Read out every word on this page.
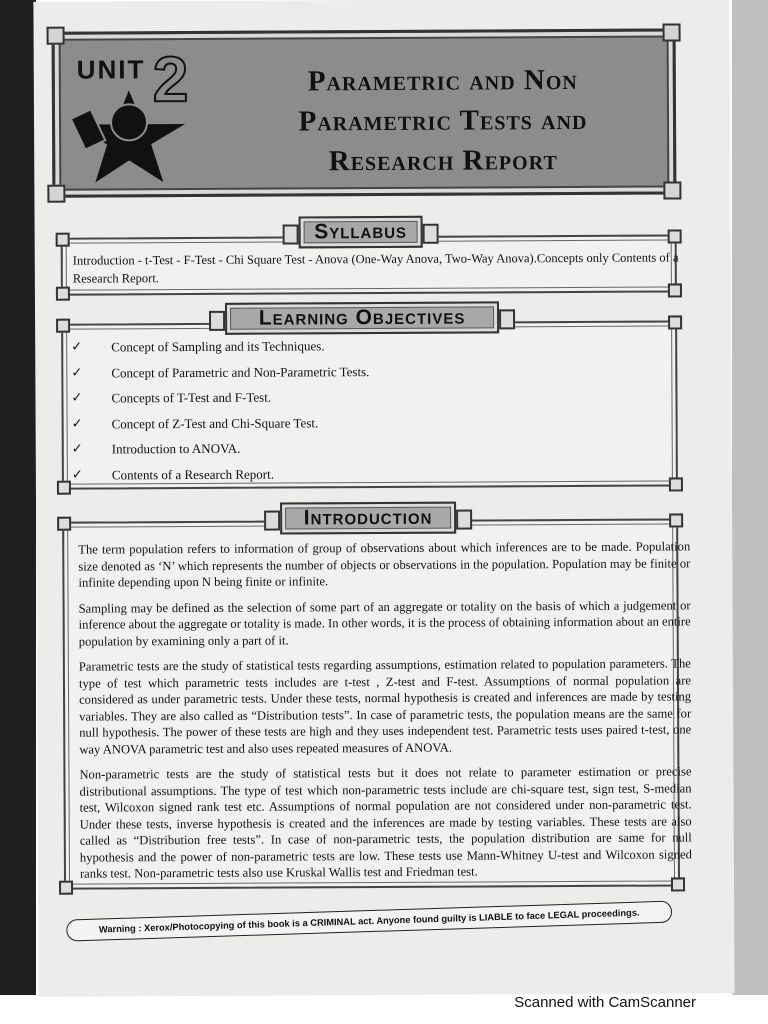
UNIT 2	Parametric and Non
Parametric Tests and
Research Report
Syllabus
Introduction - t-Test - F-Test - Chi Square Test - Anova (One-Way Anova, Two-Way Anova).Concepts only Contents of a Research Report.
Learning Objectives
✓ Concept of Sampling and its Techniques.
✓ Concept of Parametric and Non-Parametric Tests.
✓ Concepts of T-Test and F-Test.
✓ Concept of Z-Test and Chi-Square Test.
✓ Introduction to ANOVA.
✓ Contents of a Research Report.
Introduction

The term population refers to information of group of observations about which inferences are to be made. Population size denoted as ‘N’ which represents the number of objects or observations in the population. Population may be finite or infinite depending upon N being finite or infinite.

Sampling may be defined as the selection of some part of an aggregate or totality on the basis of which a judgement or inference about the aggregate or totality is made. In other words, it is the process of obtaining information about an entire population by examining only a part of it.

Parametric tests are the study of statistical tests regarding assumptions, estimation related to population parameters. The type of test which parametric tests includes are t-test , Z-test and F-test. Assumptions of normal population are considered as under parametric tests. Under these tests, normal hypothesis is created and inferences are made by testing variables. They are also called as “Distribution tests”. In case of parametric tests, the population means are the same for null hypothesis. The power of these tests are high and they uses independent test. Parametric tests uses paired t-test, one way ANOVA parametric test and also uses repeated measures of ANOVA.

Non-parametric tests are the study of statistical tests but it does not relate to parameter estimation or precise distributional assumptions. The type of test which non-parametric tests include are chi-square test, sign test, S-median test, Wilcoxon signed rank test etc. Assumptions of normal population are not considered under non-parametric test. Under these tests, inverse hypothesis is created and the inferences are made by testing variables. These tests are also called as “Distribution free tests”. In case of non-parametric tests, the population distribution are same for null hypothesis and the power of non-parametric tests are low. These tests use Mann-Whitney U-test and Wilcoxon signed ranks test. Non-parametric tests also use Kruskal Wallis test and Friedman test.

Warning : Xerox/Photocopying of this book is a CRIMINAL act. Anyone found guilty is LIABLE to face LEGAL proceedings.
Scanned with CamScanner
